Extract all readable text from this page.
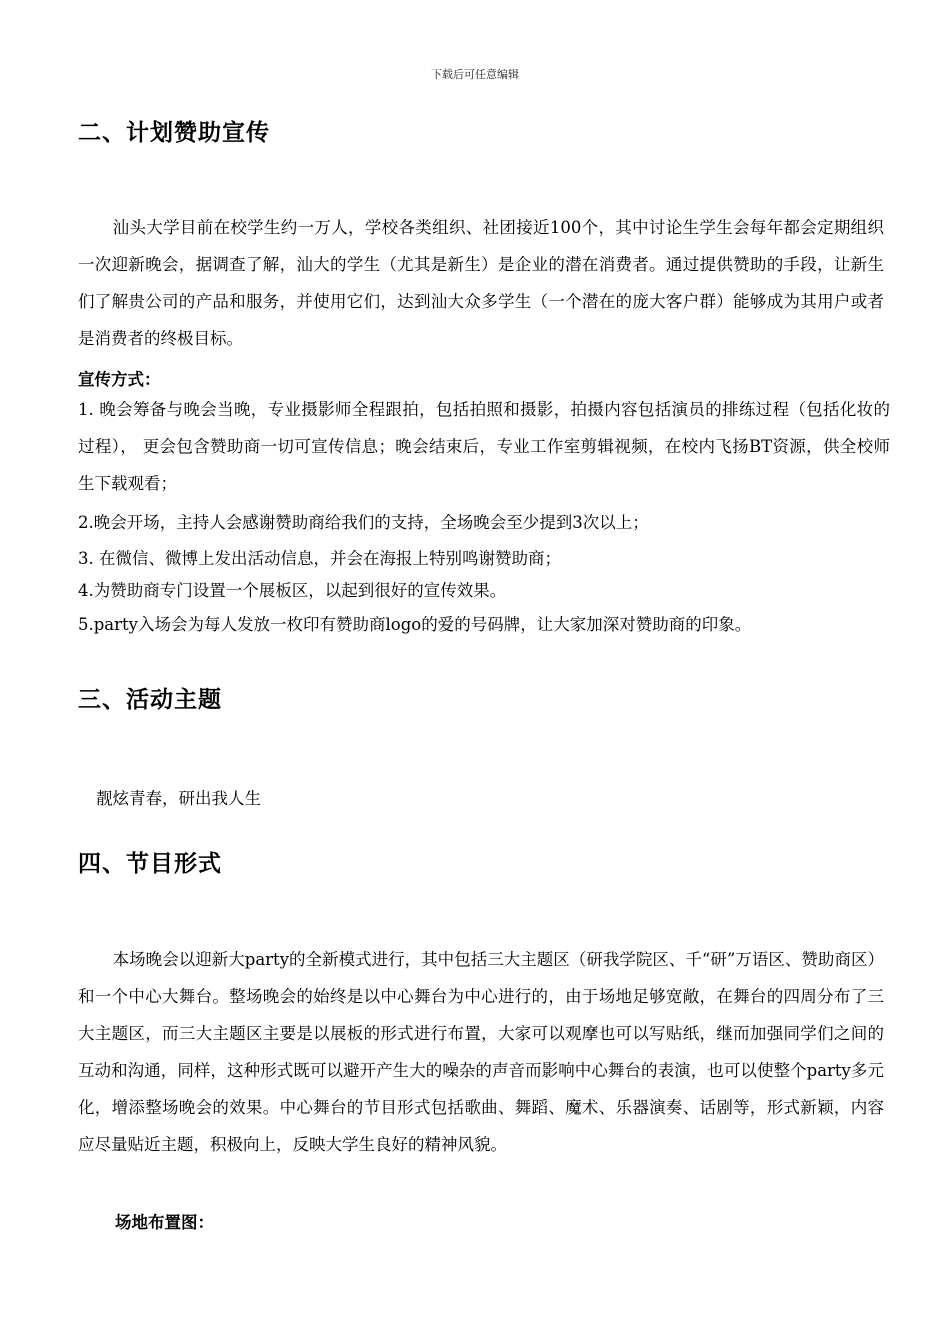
下载后可任意编辑
二、计划赞助宣传

汕头大学目前在校学生约一万人，学校各类组织、社团接近100个，其中讨论生学生会每年都会定期组织一次迎新晚会，据调查了解，汕大的学生（尤其是新生）是企业的潜在消费者。通过提供赞助的手段，让新生们了解贵公司的产品和服务，并使用它们，达到汕大众多学生（一个潜在的庞大客户群）能够成为其用户或者是消费者的终极目标。

宣传方式：

1. 晚会筹备与晚会当晚，专业摄影师全程跟拍，包括拍照和摄影，拍摄内容包括演员的排练过程（包括化妆的过程）， 更会包含赞助商一切可宣传信息；晚会结束后，专业工作室剪辑视频，在校内飞扬BT资源，供全校师生下载观看；

2.晚会开场，主持人会感谢赞助商给我们的支持，全场晚会至少提到3次以上；
3. 在微信、微博上发出活动信息，并会在海报上特别鸣谢赞助商；
4.为赞助商专门设置一个展板区，以起到很好的宣传效果。
5.party入场会为每人发放一枚印有赞助商logo的爱的号码牌，让大家加深对赞助商的印象。
三、活动主题
靓炫青春，研出我人生
四、节目形式

本场晚会以迎新大party的全新模式进行，其中包括三大主题区（研我学院区、千“研”万语区、赞助商区）和一个中心大舞台。整场晚会的始终是以中心舞台为中心进行的，由于场地足够宽敞，在舞台的四周分布了三大主题区，而三大主题区主要是以展板的形式进行布置，大家可以观摩也可以写贴纸，继而加强同学们之间的互动和沟通，同样，这种形式既可以避开产生大的噪杂的声音而影响中心舞台的表演，也可以使整个party多元化，增添整场晚会的效果。中心舞台的节目形式包括歌曲、舞蹈、魔术、乐器演奏、话剧等，形式新颖，内容应尽量贴近主题，积极向上，反映大学生良好的精神风貌。

场地布置图：
